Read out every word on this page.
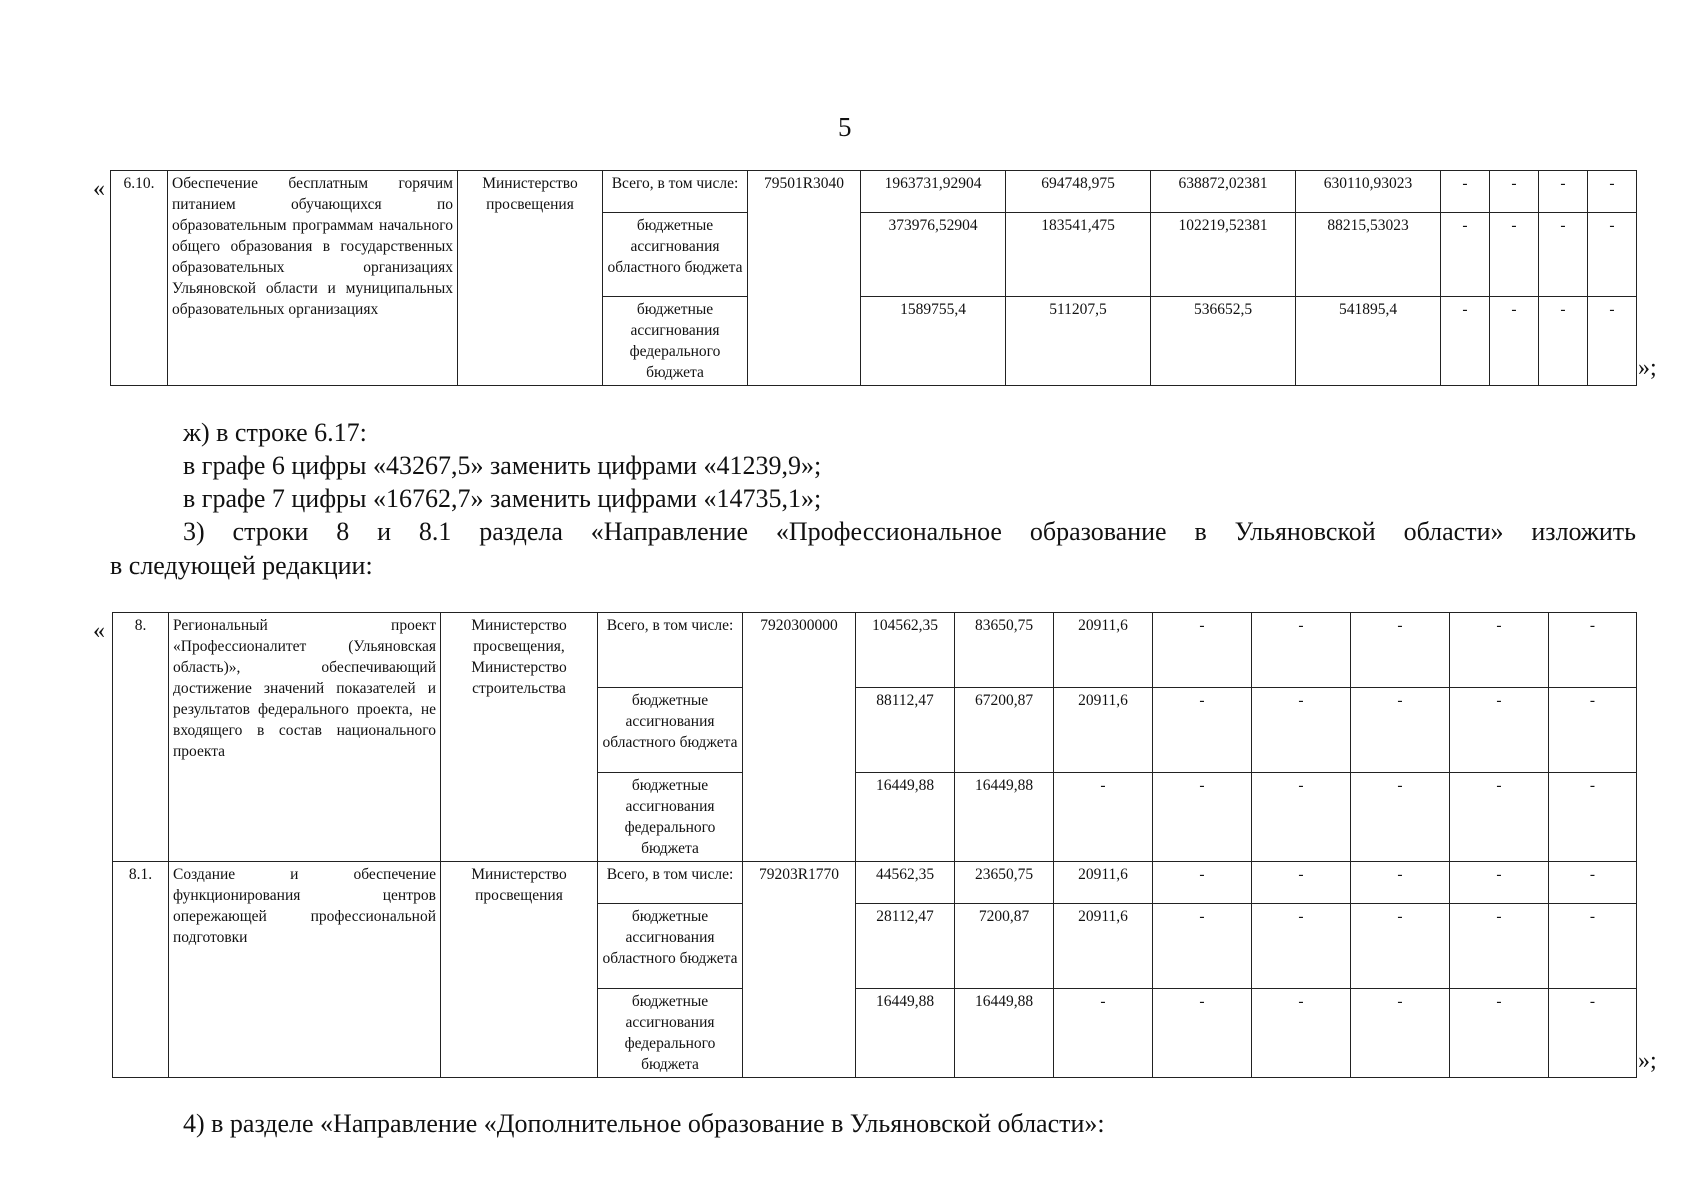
5
« 6.10.	Обеспечение бесплатным горячим питанием обучающихся по образовательным программам начального общего образования в государственных образовательных организациях Ульяновской области и муниципальных образовательных организациях	Министерство просвещения	Всего, в том числе:	79501R3040	1963731,92904	694748,975	638872,02381	630110,93023	-	-	-	-
			бюджетные ассигнования областного бюджета		373976,52904	183541,475	102219,52381	88215,53023	-	-	-	-
			бюджетные ассигнования федерального бюджета		1589755,4	511207,5	536652,5	541895,4	-	-	-	-
»;
ж) в строке 6.17:
в графе 6 цифры «43267,5» заменить цифрами «41239,9»;
в графе 7 цифры «16762,7» заменить цифрами «14735,1»;
3) строки 8 и 8.1 раздела «Направление «Профессиональное образование в Ульяновской области» изложить
в следующей редакции:
« 8.	Региональный проект «Профессионалитет (Ульяновская область)», обеспечивающий достижение значений показателей и результатов федерального проекта, не входящего в состав национального проекта	Министерство просвещения, Министерство строительства	Всего, в том числе:	7920300000	104562,35	83650,75	20911,6	-	-	-	-	-
			бюджетные ассигнования областного бюджета		88112,47	67200,87	20911,6	-	-	-	-	-
			бюджетные ассигнования федерального бюджета		16449,88	16449,88	-	-	-	-	-	-
8.1.	Создание и обеспечение функционирования центров опережающей профессиональной подготовки	Министерство просвещения	Всего, в том числе:	79203R1770	44562,35	23650,75	20911,6	-	-	-	-	-
			бюджетные ассигнования областного бюджета		28112,47	7200,87	20911,6	-	-	-	-	-
			бюджетные ассигнования федерального бюджета		16449,88	16449,88	-	-	-	-	-	-
»;
4) в разделе «Направление «Дополнительное образование в Ульяновской области»:
